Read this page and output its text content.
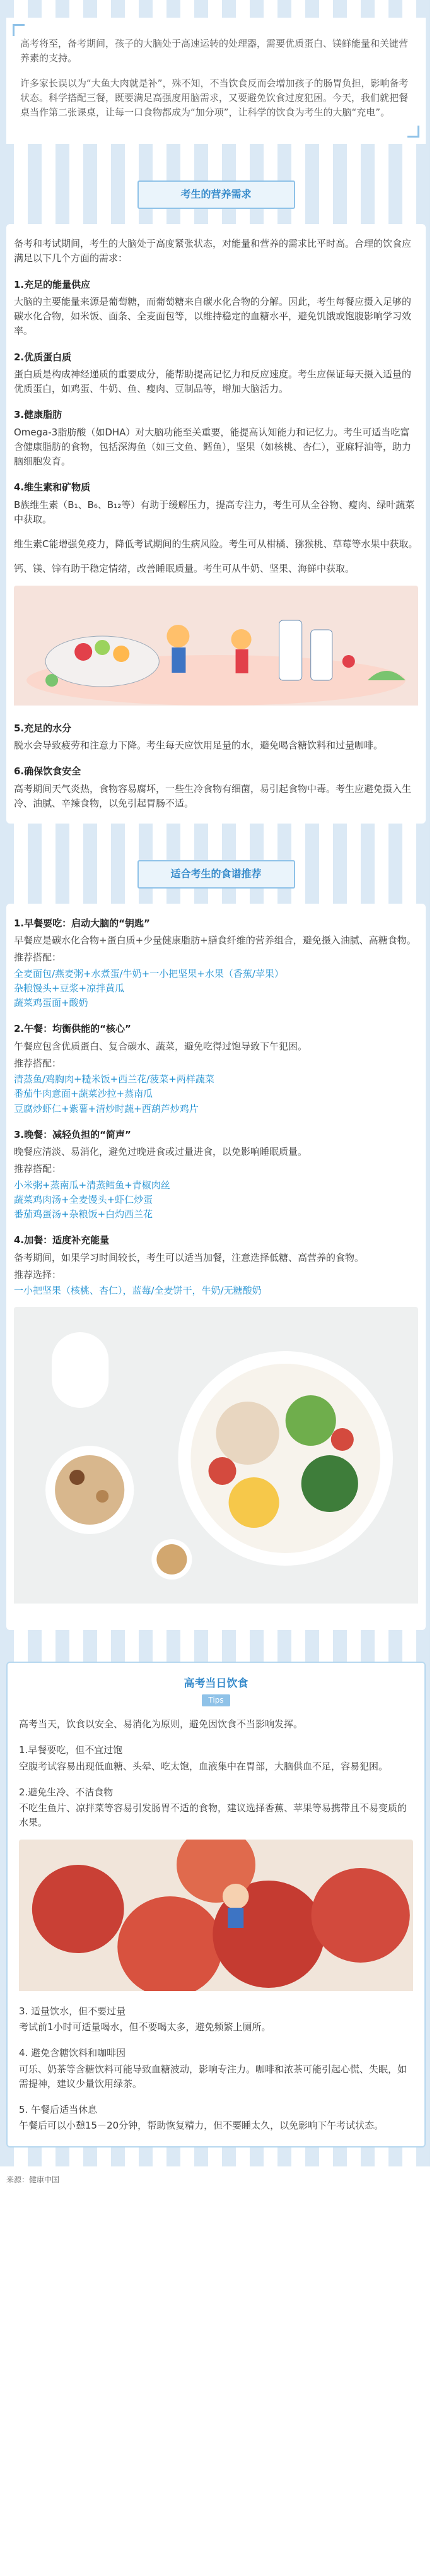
高考将至，备考期间，孩子的大脑处于高速运转的处理器，需要优质蛋白、镁鲜能量和关键营养素的支持。

许多家长误以为“大鱼大肉就是补”，殊不知，不当饮食反而会增加孩子的肠胃负担，影响备考状态。科学搭配三餐，既要满足高强度用脑需求，又要避免饮食过度犯困。今天，我们就把餐桌当作第二张课桌，让每一口食物都成为“加分项”，让科学的饮食为考生的大脑“充电”。

考生的营养需求

备考和考试期间，考生的大脑处于高度紧张状态，对能量和营养的需求比平时高。合理的饮食应满足以下几个方面的需求：

1.充足的能量供应

大脑的主要能量来源是葡萄糖，而葡萄糖来自碳水化合物的分解。因此，考生每餐应摄入足够的碳水化合物，如米饭、面条、全麦面包等，以维持稳定的血糖水平，避免饥饿或饱腹影响学习效率。

2.优质蛋白质

蛋白质是构成神经递质的重要成分，能帮助提高记忆力和反应速度。考生应保证每天摄入适量的优质蛋白，如鸡蛋、牛奶、鱼、瘦肉、豆制品等，增加大脑活力。

3.健康脂肪

Omega-3脂肪酸（如DHA）对大脑功能至关重要，能提高认知能力和记忆力。考生可适当吃富含健康脂肪的食物，包括深海鱼（如三文鱼、鳕鱼），坚果（如核桃、杏仁），亚麻籽油等，助力脑细胞发育。

4.维生素和矿物质

B族维生素（B₁、B₆、B₁₂等）有助于缓解压力，提高专注力，考生可从全谷物、瘦肉、绿叶蔬菜中获取。

维生素C能增强免疫力，降低考试期间的生病风险。考生可从柑橘、猕猴桃、草莓等水果中获取。

钙、镁、锌有助于稳定情绪，改善睡眠质量。考生可从牛奶、坚果、海鲜中获取。

5.充足的水分

脱水会导致疲劳和注意力下降。考生每天应饮用足量的水，避免喝含糖饮料和过量咖啡。

6.确保饮食安全

高考期间天气炎热，食物容易腐坏，一些生冷食物有细菌，易引起食物中毒。考生应避免摄入生冷、油腻、辛辣食物，以免引起胃肠不适。

适合考生的食谱推荐
1.早餐要吃：启动大脑的“钥匙”

早餐应是碳水化合物+蛋白质+少量健康脂肪+膳食纤维的营养组合，避免摄入油腻、高糖食物。

推荐搭配：

全麦面包/燕麦粥+水煮蛋/牛奶+一小把坚果+水果（香蕉/苹果）

杂粮馒头+豆浆+凉拌黄瓜

蔬菜鸡蛋面+酸奶

2.午餐：均衡供能的“核心”

午餐应包含优质蛋白、复合碳水、蔬菜，避免吃得过饱导致下午犯困。

推荐搭配：

清蒸鱼/鸡胸肉+糙米饭+西兰花/菠菜+两样蔬菜

番茄牛肉意面+蔬菜沙拉+蒸南瓜

豆腐炒虾仁+紫薯+清炒时蔬+西葫芦炒鸡片

3.晚餐：减轻负担的“简声”

晚餐应清淡、易消化，避免过晚进食或过量进食，以免影响睡眠质量。

推荐搭配：

小米粥+蒸南瓜+清蒸鳕鱼+青椒肉丝

蔬菜鸡肉汤+全麦馒头+虾仁炒蛋

番茄鸡蛋汤+杂粮饭+白灼西兰花

4.加餐：适度补充能量

备考期间，如果学习时间较长，考生可以适当加餐，注意选择低糖、高营养的食物。

推荐选择：

一小把坚果（核桃、杏仁），蓝莓/全麦饼干，牛奶/无糖酸奶

高考当日饮食
Tips

高考当天，饮食以安全、易消化为原则，避免因饮食不当影响发挥。

1.早餐要吃，但不宜过饱

空腹考试容易出现低血糖、头晕、吃太饱，血液集中在胃部，大脑供血不足，容易犯困。

2.避免生冷、不洁食物

不吃生鱼片、凉拌菜等容易引发肠胃不适的食物，建议选择香蕉、苹果等易携带且不易变质的水果。

3. 适量饮水，但不要过量

考试前1小时可适量喝水，但不要喝太多，避免频繁上厕所。

4. 避免含糖饮料和咖啡因

可乐、奶茶等含糖饮料可能导致血糖波动，影响专注力。咖啡和浓茶可能引起心慌、失眠，如需提神，建议少量饮用绿茶。

5. 午餐后适当休息

午餐后可以小憩15－20分钟，帮助恢复精力，但不要睡太久，以免影响下午考试状态。

来源：健康中国
